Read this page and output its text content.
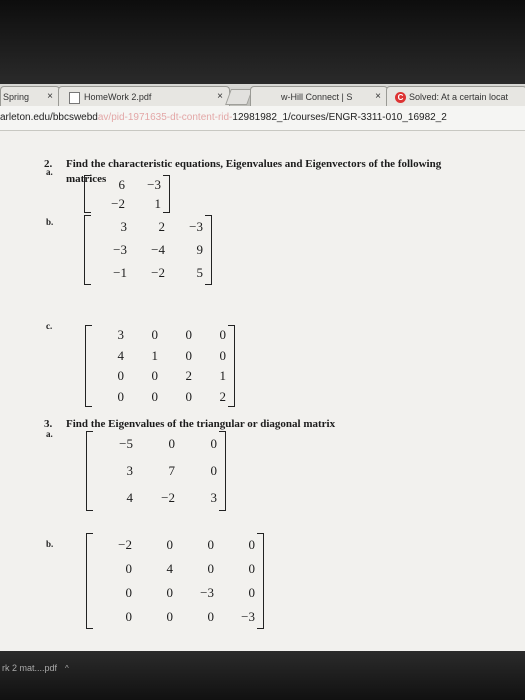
Spring ×	HomeWork 2.pdf	×	w-Hill Connect | S ×	C Solved: At a certain locat
arleton.edu/bbcswebdav/pid-1971635-dt-content-rid-12981982_1/courses/ENGR-3311-010_16982_2
2. Find the characteristic equations, Eigenvalues and Eigenvectors of the following
matrices
a.
6	−3
−2	1
b.	3	2	−3
−3	−4	9
−1	−2	5
c.
3	0	0	0
4	1	0	0
0	0	2	1
0	0	0	2
3. Find the Eigenvalues of the triangular or diagonal matrix
a.
−5	0	0
3	7	0
4	−2	3
b.	−2	0	0	0
0	4	0	0
0	0	−3	0
0	0	0	−3
rk 2 mat....pdf ^
